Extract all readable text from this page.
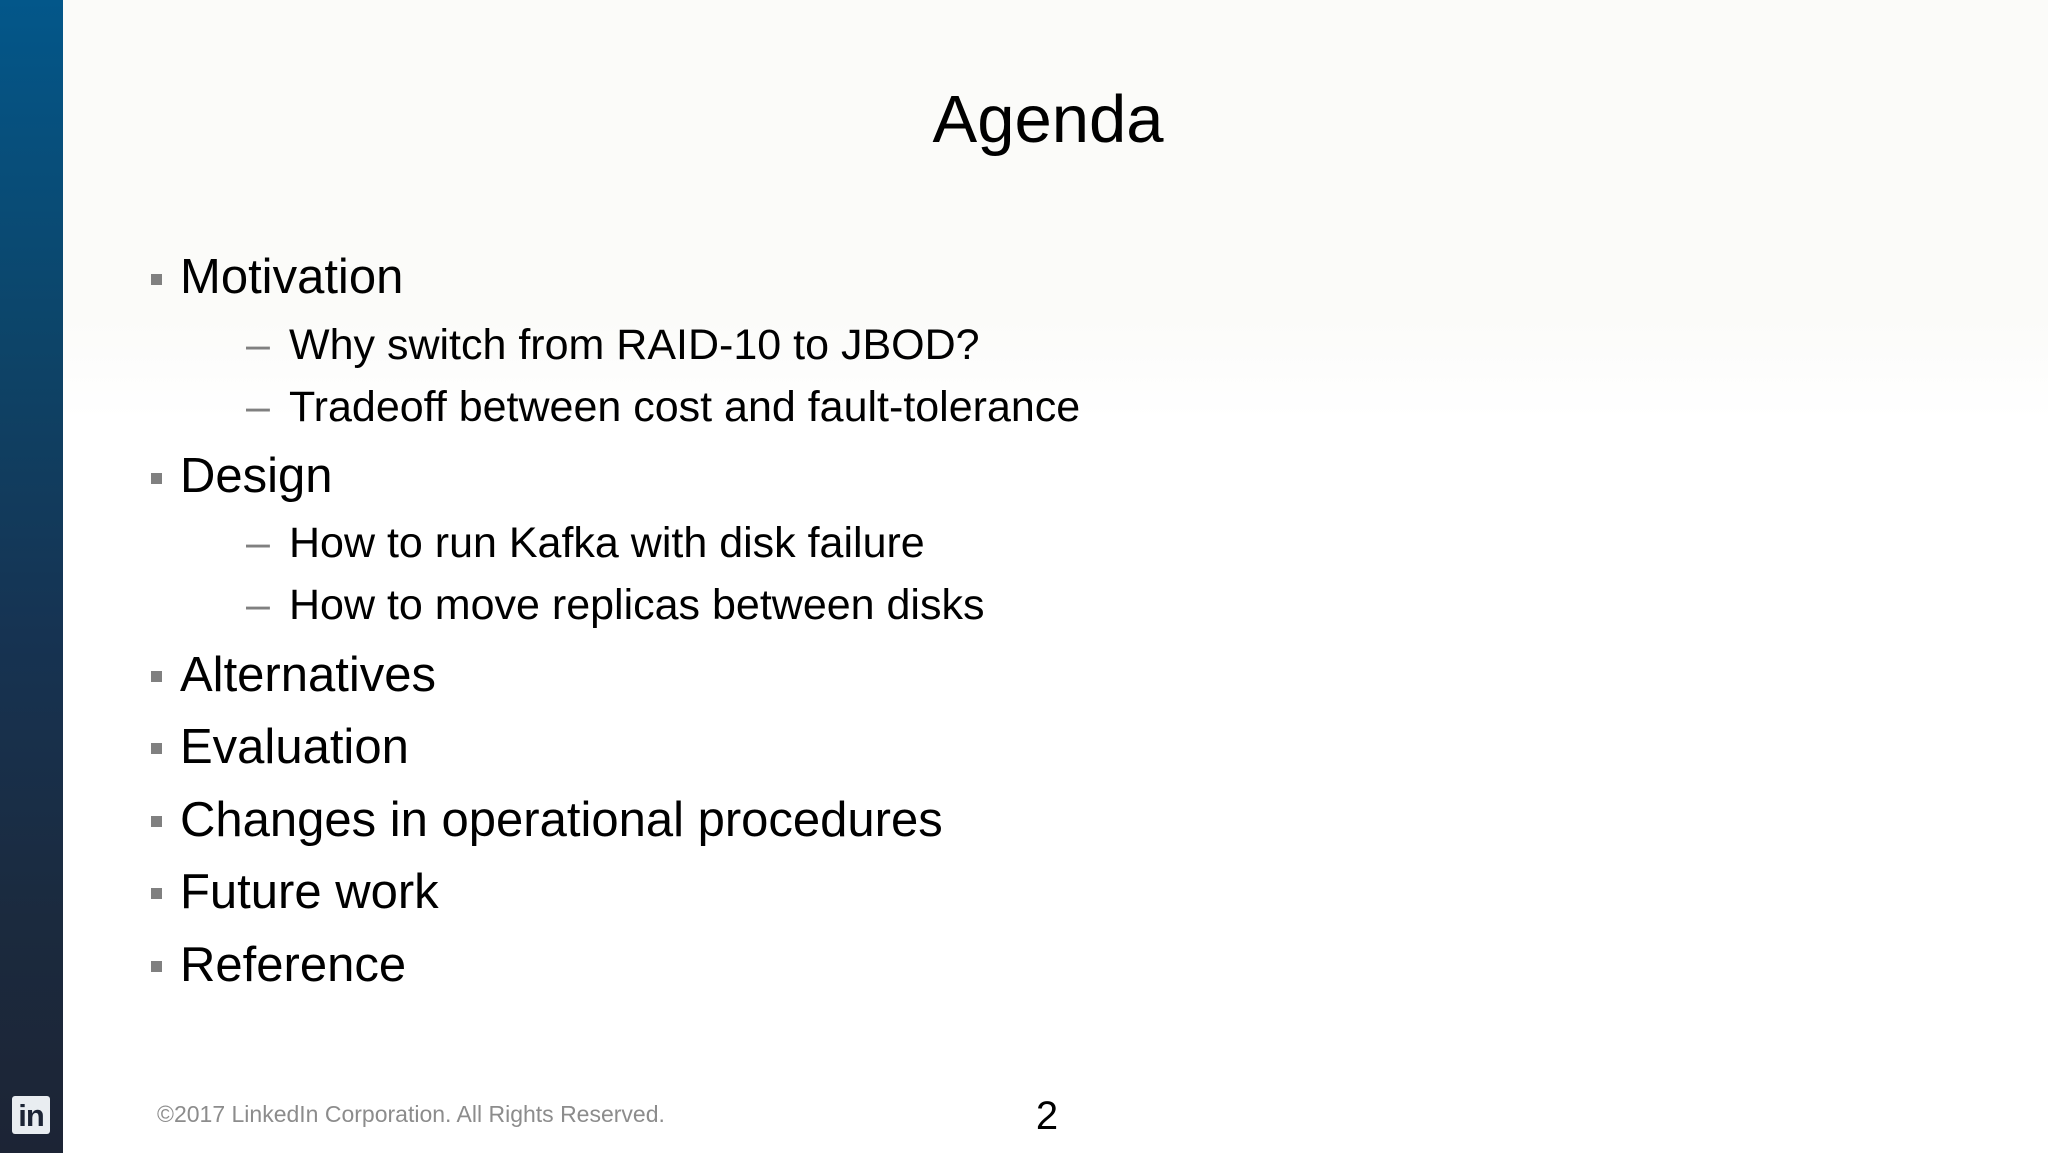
in
Agenda
Motivation
– Why switch from RAID-10 to JBOD?
– Tradeoff between cost and fault-tolerance
Design
– How to run Kafka with disk failure
– How to move replicas between disks
Alternatives
Evaluation
Changes in operational procedures
Future work
Reference
©2017 LinkedIn Corporation. All Rights Reserved.	2
